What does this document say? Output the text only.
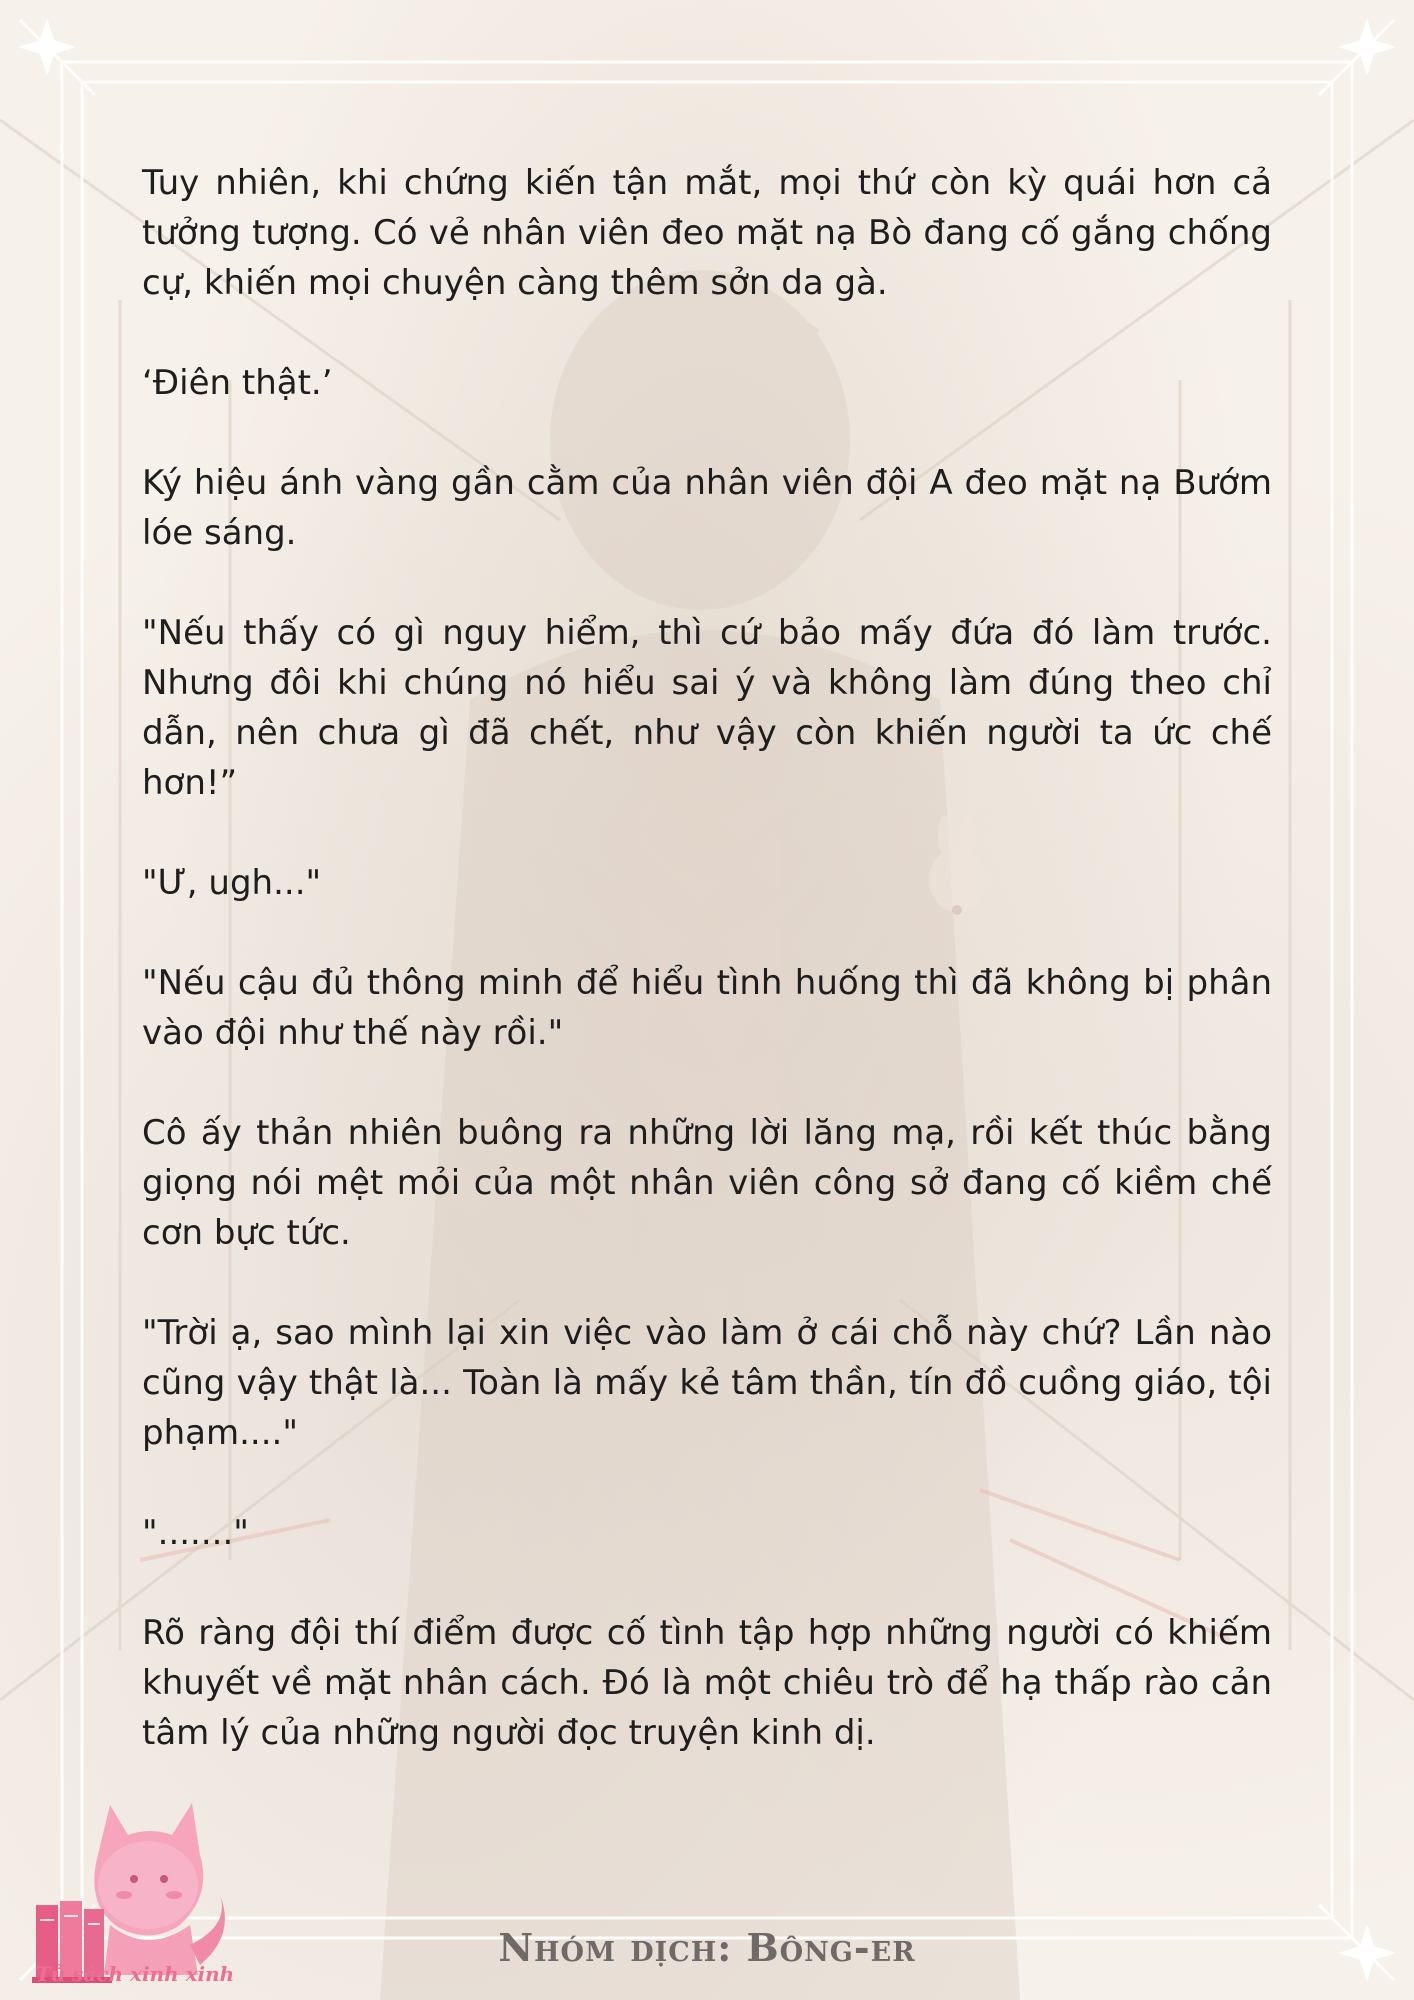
Tuy nhiên, khi chứng kiến tận mắt, mọi thứ còn kỳ quái hơn cả tưởng tượng. Có vẻ nhân viên đeo mặt nạ Bò đang cố gắng chống cự, khiến mọi chuyện càng thêm sởn da gà.

‘Điên thật.’

Ký hiệu ánh vàng gần cằm của nhân viên đội A đeo mặt nạ Bướm lóe sáng.

"Nếu thấy có gì nguy hiểm, thì cứ bảo mấy đứa đó làm trước. Nhưng đôi khi chúng nó hiểu sai ý và không làm đúng theo chỉ dẫn, nên chưa gì đã chết, như vậy còn khiến người ta ức chế hơn!”

"Ư, ugh..."

"Nếu cậu đủ thông minh để hiểu tình huống thì đã không bị phân vào đội như thế này rồi."

Cô ấy thản nhiên buông ra những lời lăng mạ, rồi kết thúc bằng giọng nói mệt mỏi của một nhân viên công sở đang cố kiềm chế cơn bực tức.

"Trời ạ, sao mình lại xin việc vào làm ở cái chỗ này chứ? Lần nào cũng vậy thật là... Toàn là mấy kẻ tâm thần, tín đồ cuồng giáo, tội phạm...."

"......."

Rõ ràng đội thí điểm được cố tình tập hợp những người có khiếm khuyết về mặt nhân cách. Đó là một chiêu trò để hạ thấp rào cản tâm lý của những người đọc truyện kinh dị.

Tủ sách xinh xinh
Nhóm dịch: Bông-er
